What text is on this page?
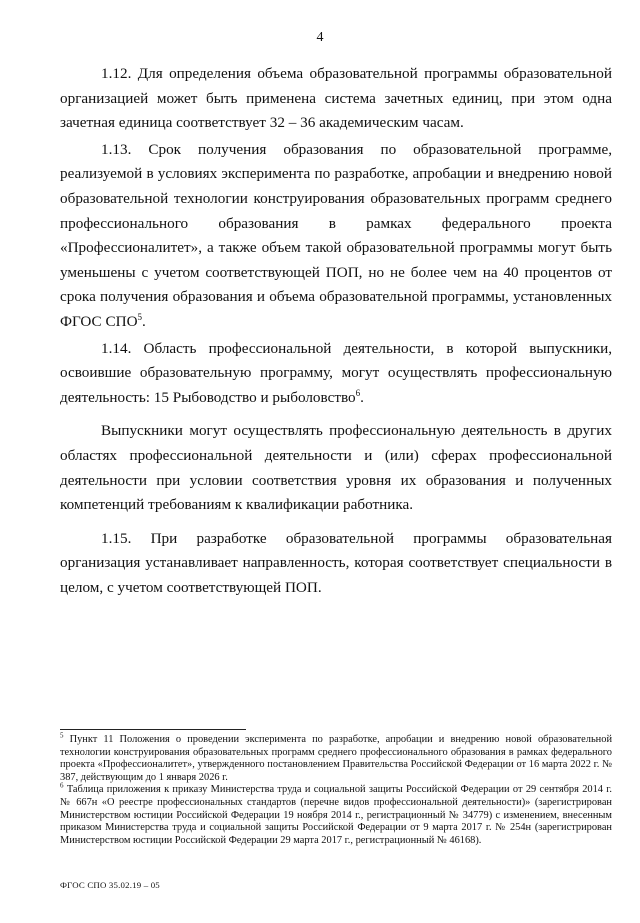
4

1.12. Для определения объема образовательной программы образовательной организацией может быть применена система зачетных единиц, при этом одна зачетная единица соответствует 32 – 36 академическим часам.

1.13. Срок получения образования по образовательной программе, реализуемой в условиях эксперимента по разработке, апробации и внедрению новой образовательной технологии конструирования образовательных программ среднего профессионального образования в рамках федерального проекта «Профессионалитет», а также объем такой образовательной программы могут быть уменьшены с учетом соответствующей ПОП, но не более чем на 40 процентов от срока получения образования и объема образовательной программы, установленных ФГОС СПО$^5$.

1.14. Область профессиональной деятельности, в которой выпускники, освоившие образовательную программу, могут осуществлять профессиональную деятельность: 15 Рыбоводство и рыболовство$^6$.

Выпускники могут осуществлять профессиональную деятельность в других областях профессиональной деятельности и (или) сферах профессиональной деятельности при условии соответствия уровня их образования и полученных компетенций требованиям к квалификации работника.

1.15. При разработке образовательной программы образовательная организация устанавливает направленность, которая соответствует специальности в целом, с учетом соответствующей ПОП.

$^5$ Пункт 11 Положения о проведении эксперимента по разработке, апробации и внедрению новой образовательной технологии конструирования образовательных программ среднего профессионального образования в рамках федерального проекта «Профессионалитет», утвержденного постановлением Правительства Российской Федерации от 16 марта 2022 г. № 387, действующим до 1 января 2026 г.

$^6$ Таблица приложения к приказу Министерства труда и социальной защиты Российской Федерации от 29 сентября 2014 г. № 667н «О реестре профессиональных стандартов (перечне видов профессиональной деятельности)» (зарегистрирован Министерством юстиции Российской Федерации 19 ноября 2014 г., регистрационный № 34779) с изменением, внесенным приказом Министерства труда и социальной защиты Российской Федерации от 9 марта 2017 г. № 254н (зарегистрирован Министерством юстиции Российской Федерации 29 марта 2017 г., регистрационный № 46168).

ФГОС СПО 35.02.19 – 05
